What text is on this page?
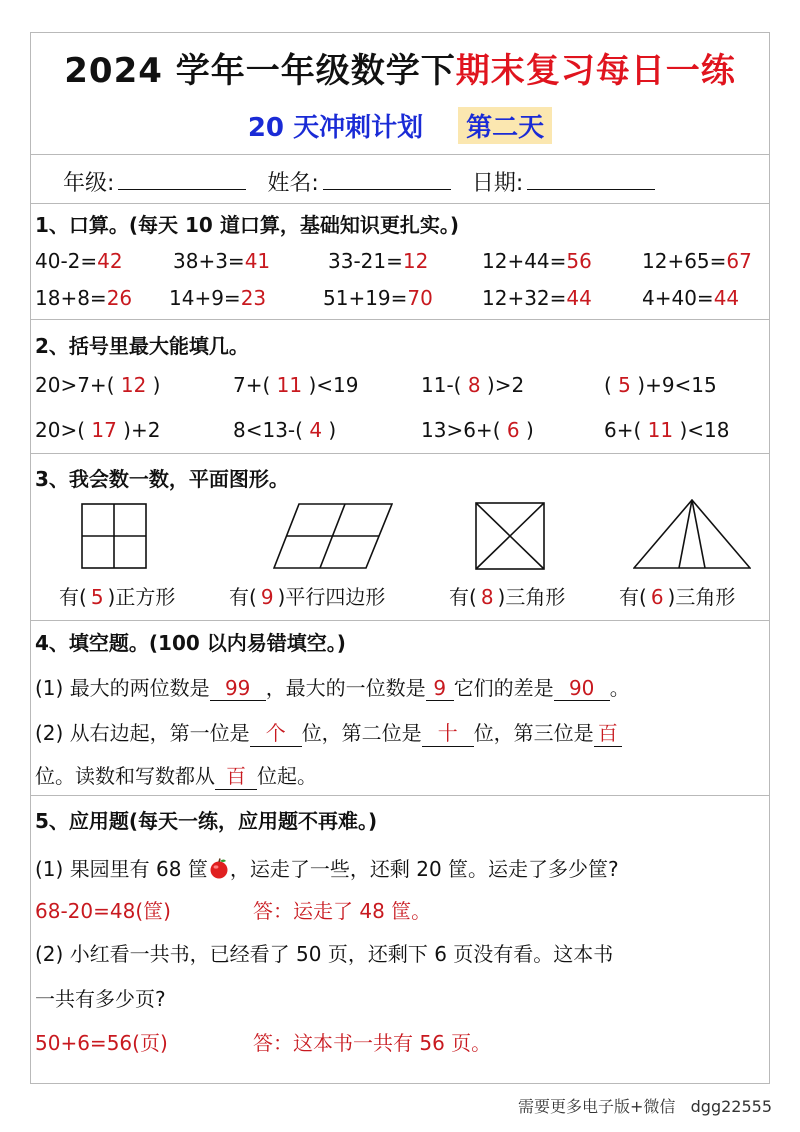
2024 学年一年级数学下期末复习每日一练
20 天冲刺计划 第二天
年级:	姓名:	日期:
1、口算。(每天 10 道口算，基础知识更扎实。)
40-2=42	38+3=41	33-21=12	12+44=56	12+65=67
18+8=26 14+9=23	51+19=70 12+32=44	4+40=44
2、括号里最大能填几。
20>7+( 12 )	7+( 11 )<19	11-( 8 )>2	( 5 )+9<15
20>( 17 )+2	8<13-( 4 )	13>6+( 6 )	6+( 11 )<18
3、我会数一数，平面图形。
有( 5 )正方形	有( 9 )平行四边形	有( 8 )三角形	有( 6 )三角形
4、填空题。(100 以内易错填空。)
(1) 最大的两位数是 99 ，最大的一位数是 9 它们的差是 90 。
(2) 从右边起，第一位是 个 位，第二位是 十 位，第三位是 百
位。读数和写数都从 百 位起。
5、应用题(每天一练，应用题不再难。)
(1) 果园里有 68 筐 ，运走了一些，还剩 20 筐。运走了多少筐?
68-20=48(筐)	答：运走了 48 筐。
(2) 小红看一共书，已经看了 50 页，还剩下 6 页没有看。这本书
一共有多少页?
50+6=56(页)	答：这本书一共有 56 页。
需要更多电子版+微信 dgg22555
